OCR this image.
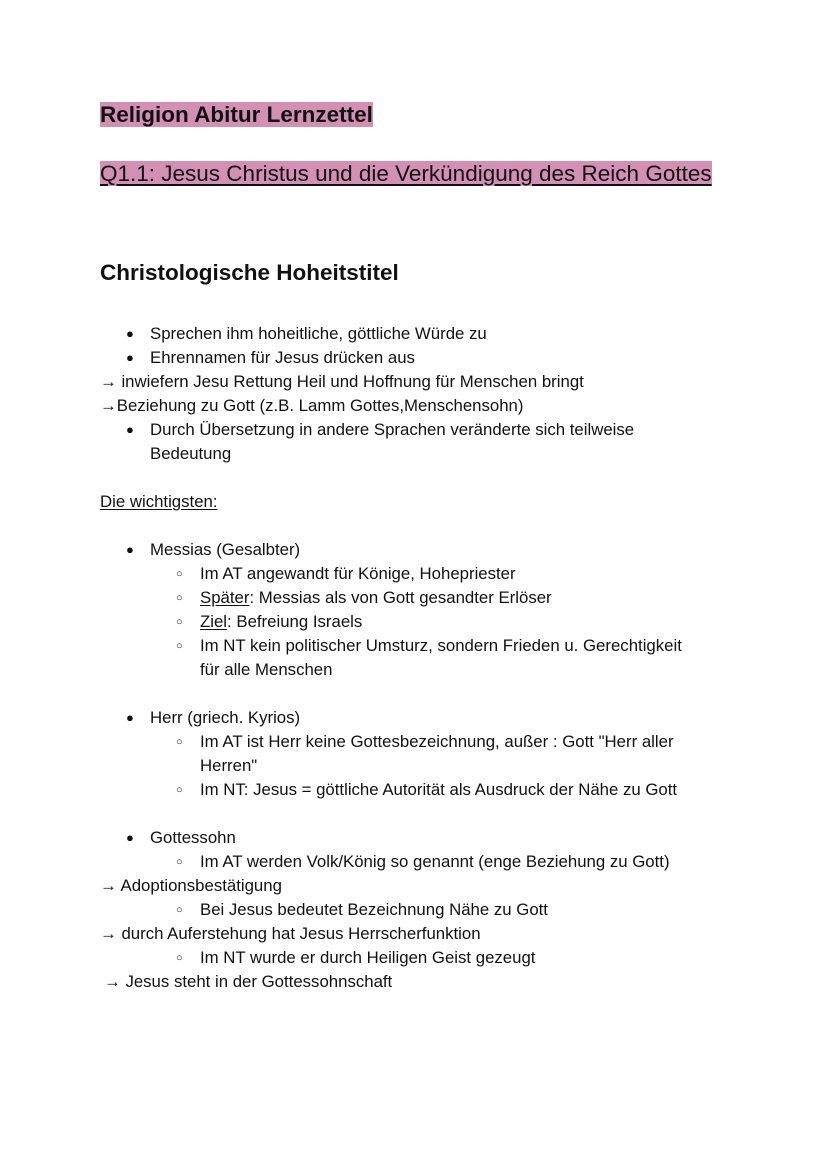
Religion Abitur Lernzettel
Q1.1: Jesus Christus und die Verkündigung des Reich Gottes
Christologische Hoheitstitel
● Sprechen ihm hoheitliche, göttliche Würde zu
● Ehrennamen für Jesus drücken aus
→ inwiefern Jesu Rettung Heil und Hoffnung für Menschen bringt
→Beziehung zu Gott (z.B. Lamm Gottes,Menschensohn)
● Durch Übersetzung in andere Sprachen veränderte sich teilweise
Bedeutung
Die wichtigsten:
● Messias (Gesalbter)
○ Im AT angewandt für Könige, Hohepriester
○ Später: Messias als von Gott gesandter Erlöser
○ Ziel: Befreiung Israels
○ Im NT kein politischer Umsturz, sondern Frieden u. Gerechtigkeit
für alle Menschen
● Herr (griech. Kyrios)
○ Im AT ist Herr keine Gottesbezeichnung, außer : Gott "Herr aller
Herren"
○ Im NT: Jesus = göttliche Autorität als Ausdruck der Nähe zu Gott
● Gottessohn
○ Im AT werden Volk/König so genannt (enge Beziehung zu Gott)
→ Adoptionsbestätigung
○ Bei Jesus bedeutet Bezeichnung Nähe zu Gott
→ durch Auferstehung hat Jesus Herrscherfunktion
○ Im NT wurde er durch Heiligen Geist gezeugt
→ Jesus steht in der Gottessohnschaft
